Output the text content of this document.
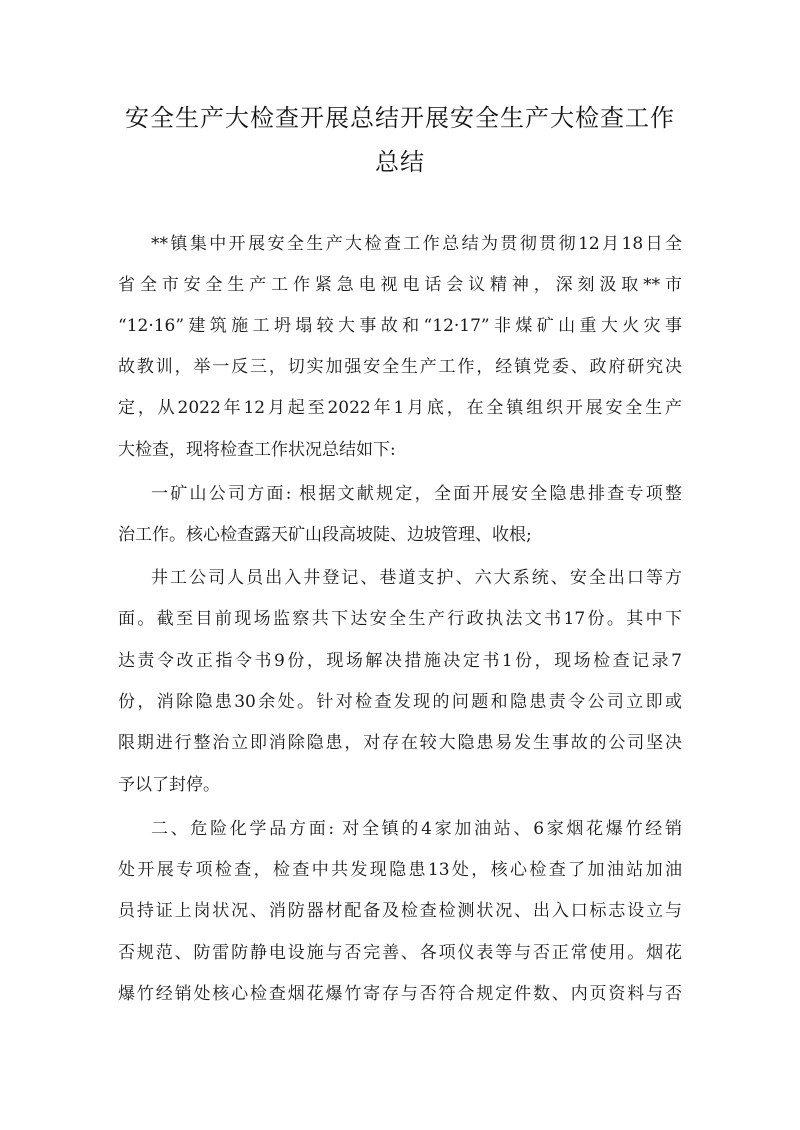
安全生产大检查开展总结开展安全生产大检查工作
总结
**镇集中开展安全生产大检查工作总结为贯彻贯彻12月18日全
省全市安全生产工作紧急电视电话会议精神，深刻汲取**市
“12·16”建筑施工坍塌较大事故和“12·17”非煤矿山重大火灾事
故教训，举一反三，切实加强安全生产工作，经镇党委、政府研究决
定，从2022年12月起至2022年1月底，在全镇组织开展安全生产
大检查，现将检查工作状况总结如下:
一矿山公司方面: 根据文献规定，全面开展安全隐患排查专项整
治工作。核心检查露天矿山段高坡陡、边坡管理、收根;
井工公司人员出入井登记、巷道支护、六大系统、安全出口等方
面。截至目前现场监察共下达安全生产行政执法文书17份。其中下
达责令改正指令书9份，现场解决措施决定书1份，现场检查记录7
份，消除隐患30余处。针对检查发现的问题和隐患责令公司立即或
限期进行整治立即消除隐患，对存在较大隐患易发生事故的公司坚决
予以了封停。
二、危险化学品方面: 对全镇的4家加油站、6家烟花爆竹经销
处开展专项检查，检查中共发现隐患13处，核心检查了加油站加油
员持证上岗状况、消防器材配备及检查检测状况、出入口标志设立与
否规范、防雷防静电设施与否完善、各项仪表等与否正常使用。烟花
爆竹经销处核心检查烟花爆竹寄存与否符合规定件数、内页资料与否
